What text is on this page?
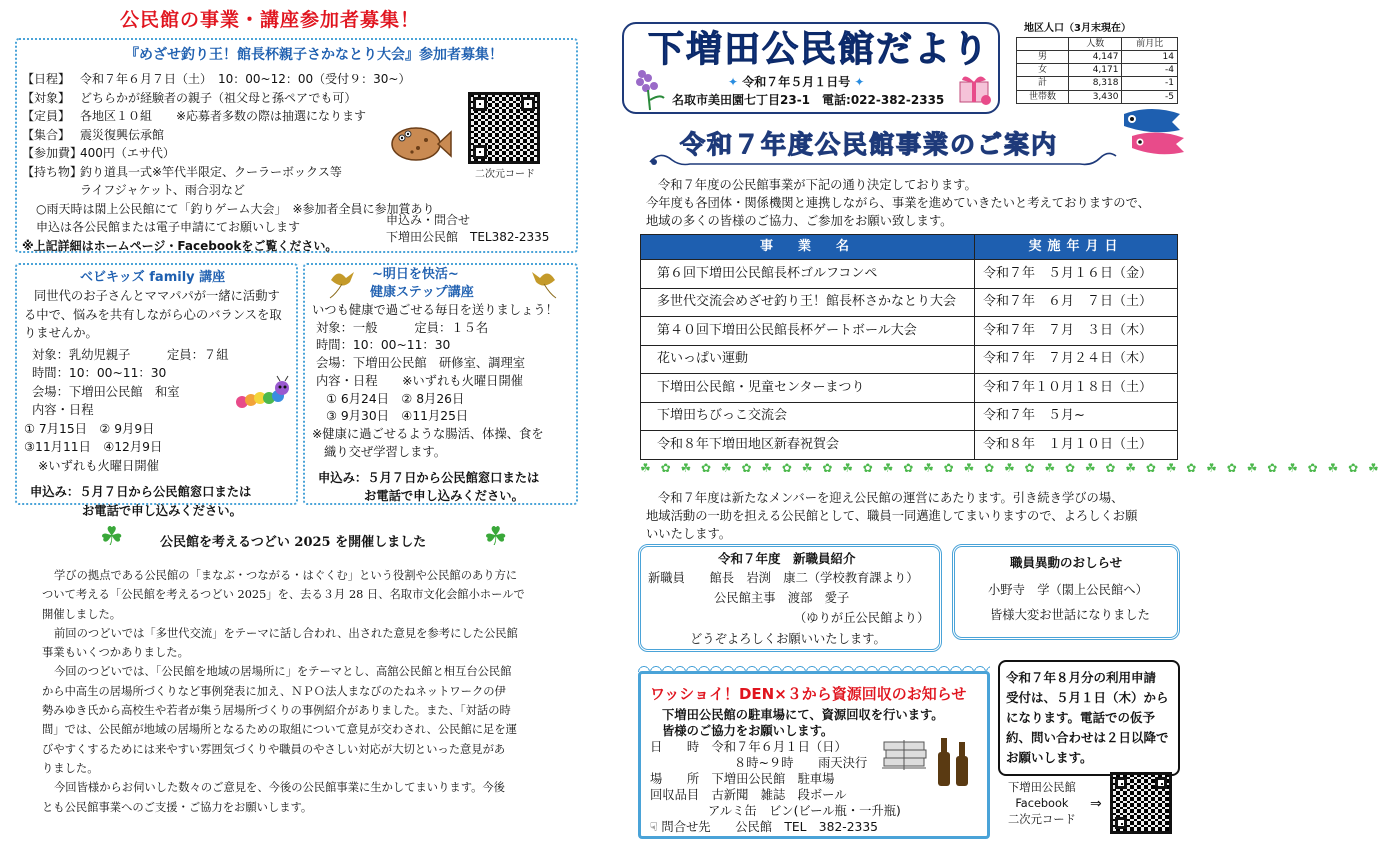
公民館の事業・講座参加者募集！
『めざせ釣り王！館長杯親子さかなとり大会』参加者募集！
【日程】 令和７年６月７日（土）　10：00~12：00（受付９：30~）
【対象】 どちらかが経験者の親子（祖父母と孫ペアでも可）
【定員】 各地区１０組　　※応募者多数の際は抽選になります
【集合】 震災復興伝承館
【参加費】400円（エサ代）
【持ち物】釣り道具一式※竿代半限定、クーラーボックス等
ライフジャケット、雨合羽など
○雨天時は閖上公民館にて「釣りゲーム大会」　※参加者全員に参加賞あり
申込は各公民館または電子申請にてお願いします
※上記詳細はホームページ・Facebookをご覧ください。
申込み・問合せ
下増田公民館　TEL382-2335
二次元コード
ベビキッズ family 講座
同世代のお子さんとママパパが一緒に活動す
る中で、悩みを共有しながら心のバランスを取
りませんか。
対象：乳幼児親子	定員：７組
時間：10：00~11：30
会場：下増田公民館　和室
内容・日程
① 7月15日　② 9月9日
③11月11日　④12月9日
※いずれも火曜日開催
申込み：５月７日から公民館窓口または
お電話で申し込みください。
~明日を快活~
健康ステップ講座
いつも健康で過ごせる毎日を送りましょう！
対象：一般　　　定員：１５名
時間：10：00~11：30
会場：下増田公民館　研修室、調理室
内容・日程　　※いずれも火曜日開催
① 6月24日　② 8月26日
③ 9月30日　④11月25日
※健康に過ごせるような腸活、体操、食を
織り交ぜ学習します。
申込み：５月７日から公民館窓口または
お電話で申し込みください。
☘	☘
公民館を考えるつどい 2025 を開催しました
学びの拠点である公民館の「まなぶ・つながる・はぐくむ」という役割や公民館のあり方に
ついて考える「公民館を考えるつどい 2025」を、去る３月 28 日、名取市文化会館小ホールで
開催しました。
前回のつどいでは「多世代交流」をテーマに話し合われ、出された意見を参考にした公民館
事業もいくつかありました。
今回のつどいでは、「公民館を地域の居場所に」をテーマとし、高舘公民館と相互台公民館
から中高生の居場所づくりなど事例発表に加え、ＮＰＯ法人まなびのたねネットワークの伊
勢みゆき氏から高校生や若者が集う居場所づくりの事例紹介がありました。また、「対話の時
間」では、公民館が地域の居場所となるための取組について意見が交わされ、公民館に足を運
びやすくするためには来やすい雰囲気づくりや職員のやさしい対応が大切といった意見があ
りました。
今回皆様からお伺いした数々のご意見を、今後の公民館事業に生かしてまいります。今後
とも公民館事業へのご支援・ご協力をお願いします。
下増田公民館だより
✦ 令和７年５月１日号 ✦
名取市美田園七丁目23-1　電話:022-382-2335
地区人口（3月末現在）
	人数	前月比
男	4,147	14
女	4,171	-4
計	8,318	-1
世帯数	3,430	-5
令和７年度公民館事業のご案内
令和７年度の公民館事業が下記の通り決定しております。
今年度も各団体・関係機関と連携しながら、事業を進めていきたいと考えておりますので、
地域の多くの皆様のご協力、ご参加をお願い致します。
事　業　名	実施年月日
第６回下増田公民館長杯ゴルフコンペ	令和７年　５月１６日（金）
多世代交流会めざせ釣り王！館長杯さかなとり大会	令和７年　６月　７日（土）
第４０回下増田公民館長杯ゲートボール大会	令和７年　７月　３日（木）
花いっぱい運動	令和７年　７月２４日（木）
下増田公民館・児童センターまつり	令和７年１０月１８日（土）
下増田ちびっこ交流会	令和７年　５月~
令和８年下増田地区新春祝賀会	令和８年　１月１０日（土）
☘ ✿ ☘ ✿ ☘ ✿ ☘ ✿ ☘ ✿ ☘ ✿ ☘ ✿ ☘ ✿ ☘ ✿ ☘ ✿ ☘ ✿ ☘ ✿ ☘ ✿ ☘ ✿ ☘ ✿ ☘ ✿ ☘ ✿ ☘ ✿ ☘
令和７年度は新たなメンバーを迎え公民館の運営にあたります。引き続き学びの場、
地域活動の一助を担える公民館として、職員一同邁進してまいりますので、よろしくお願
いいたします。
令和７年度　新職員紹介
新職員　　館長　岩渕　康二（学校教育課より）
公民館主事　渡部　愛子
（ゆりが丘公民館より）
どうぞよろしくお願いいたします。
職員異動のおしらせ
小野寺　学（閖上公民館へ）
皆様大変お世話になりました
ワッショイ！DEN×３から資源回収のお知らせ
下増田公民館の駐車場にて、資源回収を行います。
皆様のご協力をお願いします。
日　　時　令和７年６月１日（日）
８時~９時　　雨天決行
場　　所　下増田公民館　駐車場
回収品目　古新聞　雑誌　段ボール
アルミ缶　ビン(ビール瓶・一升瓶)
☟ 問合せ先　　公民館　TEL　382-2335
令和７年８月分の利用申請
受付は、５月１日（木）から
になります。電話での仮予
約、問い合わせは２日以降で
お願いします。
下増田公民館
Facebook
二次元コード
⇒
